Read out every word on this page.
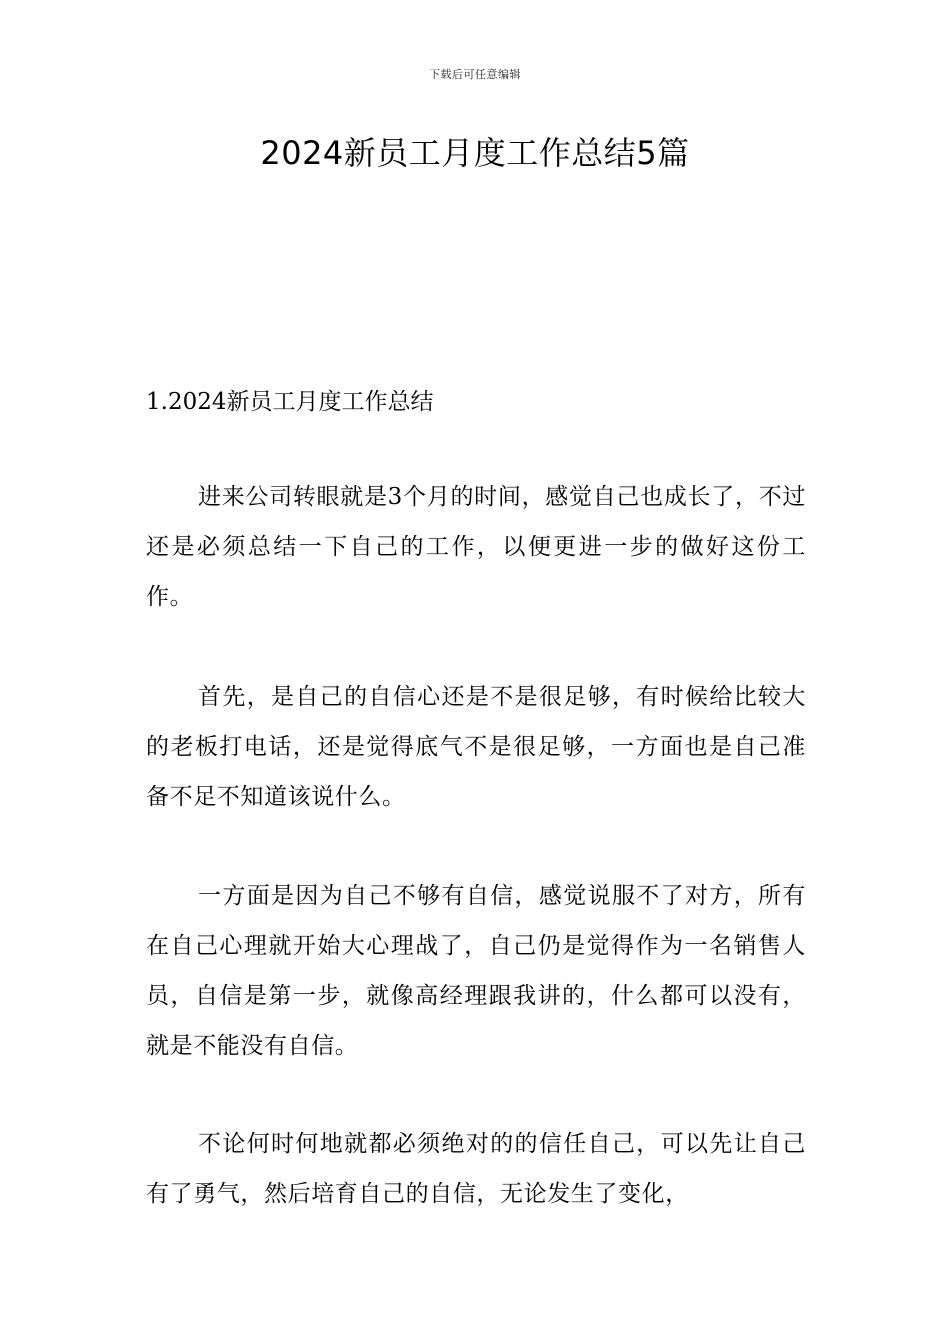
下载后可任意编辑
2024新员工月度工作总结5篇
1.2024新员工月度工作总结

进来公司转眼就是3个月的时间，感觉自己也成长了，不过还是必须总结一下自己的工作，以便更进一步的做好这份工作。

首先，是自己的自信心还是不是很足够，有时候给比较大的老板打电话，还是觉得底气不是很足够，一方面也是自己准备不足不知道该说什么。

一方面是因为自己不够有自信，感觉说服不了对方，所有在自己心理就开始大心理战了，自己仍是觉得作为一名销售人员，自信是第一步，就像高经理跟我讲的，什么都可以没有，就是不能没有自信。

不论何时何地就都必须绝对的的信任自己，可以先让自己有了勇气，然后培育自己的自信，无论发生了变化，
